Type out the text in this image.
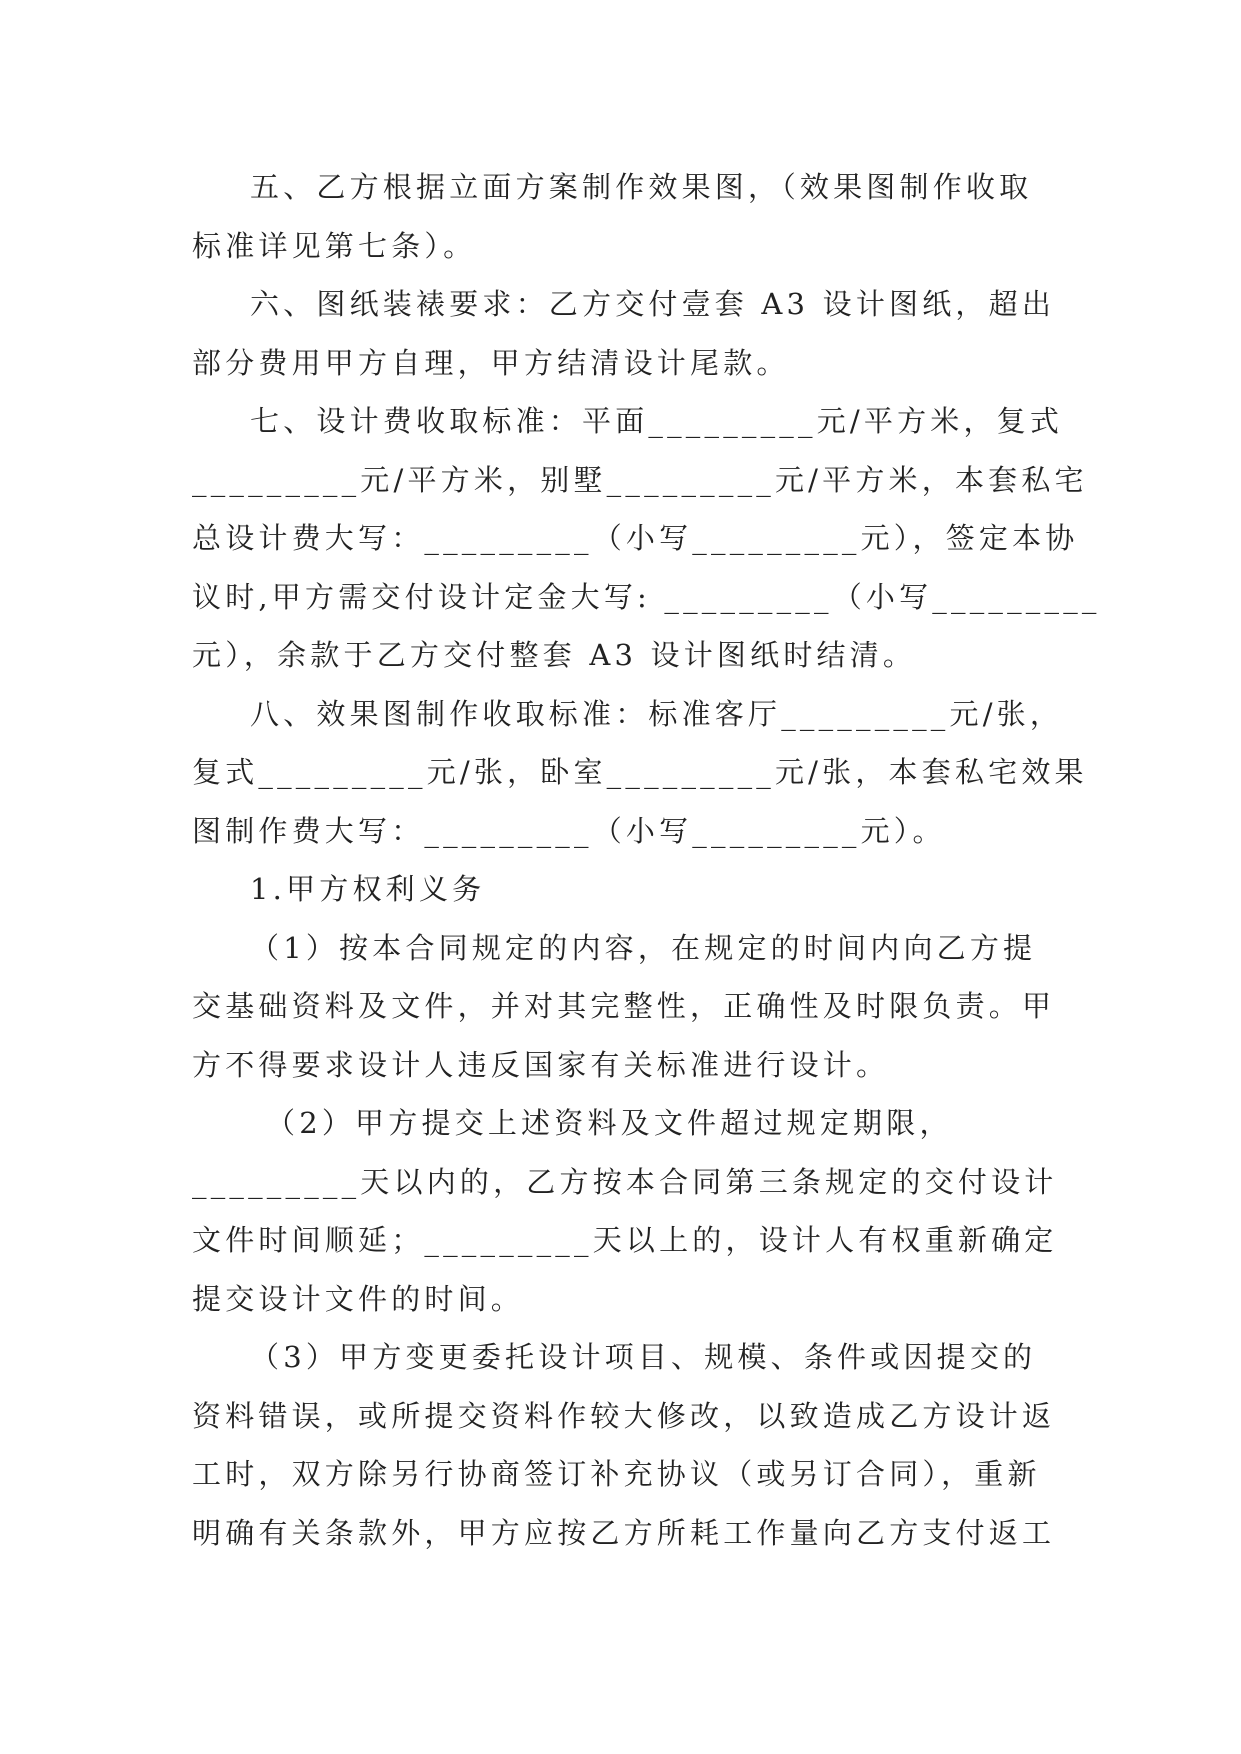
五、乙方根据立面方案制作效果图，（效果图制作收取
标准详见第七条）。
六、图纸装裱要求：乙方交付壹套 A3 设计图纸，超出
部分费用甲方自理，甲方结清设计尾款。
七、设计费收取标准：平面_________元/平方米，复式
_________元/平方米，别墅_________元/平方米，本套私宅
总设计费大写：_________（小写_________元），签定本协
议时,甲方需交付设计定金大写: _________（小写_________
元），余款于乙方交付整套 A3 设计图纸时结清。
八、效果图制作收取标准：标准客厅_________元/张，
复式_________元/张，卧室_________元/张，本套私宅效果
图制作费大写：_________（小写_________元）。
1.甲方权利义务
（1）按本合同规定的内容，在规定的时间内向乙方提
交基础资料及文件，并对其完整性，正确性及时限负责。甲
方不得要求设计人违反国家有关标准进行设计。
（2）甲方提交上述资料及文件超过规定期限，
_________天以内的，乙方按本合同第三条规定的交付设计
文件时间顺延；_________天以上的，设计人有权重新确定
提交设计文件的时间。
（3）甲方变更委托设计项目、规模、条件或因提交的
资料错误，或所提交资料作较大修改，以致造成乙方设计返
工时，双方除另行协商签订补充协议（或另订合同），重新
明确有关条款外，甲方应按乙方所耗工作量向乙方支付返工
